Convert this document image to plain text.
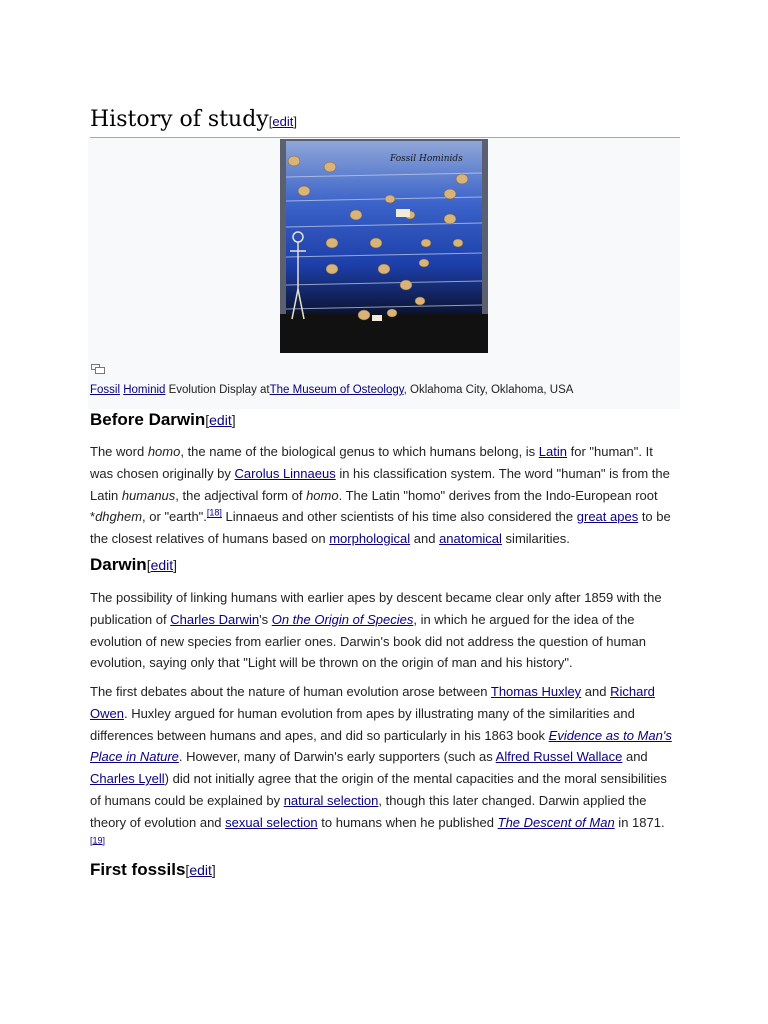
History of study[edit]
Fossil Hominids
Fossil Hominid Evolution Display atThe Museum of Osteology, Oklahoma City, Oklahoma, USA
Before Darwin[edit]
The word homo, the name of the biological genus to which humans belong, is Latin for "human". It was chosen originally by Carolus Linnaeus in his classification system. The word "human" is from the Latin humanus, the adjectival form of homo. The Latin "homo" derives from the Indo-European root *dhghem, or "earth".[18] Linnaeus and other scientists of his time also considered the great apes to be the closest relatives of humans based on morphological and anatomical similarities.
Darwin[edit]
The possibility of linking humans with earlier apes by descent became clear only after 1859 with the publication of Charles Darwin's On the Origin of Species, in which he argued for the idea of the evolution of new species from earlier ones. Darwin's book did not address the question of human evolution, saying only that "Light will be thrown on the origin of man and his history".
The first debates about the nature of human evolution arose between Thomas Huxley and Richard Owen. Huxley argued for human evolution from apes by illustrating many of the similarities and differences between humans and apes, and did so particularly in his 1863 book Evidence as to Man's Place in Nature. However, many of Darwin's early supporters (such as Alfred Russel Wallace and Charles Lyell) did not initially agree that the origin of the mental capacities and the moral sensibilities of humans could be explained by natural selection, though this later changed. Darwin applied the theory of evolution and sexual selection to humans when he published The Descent of Man in 1871.[19]
First fossils[edit]
